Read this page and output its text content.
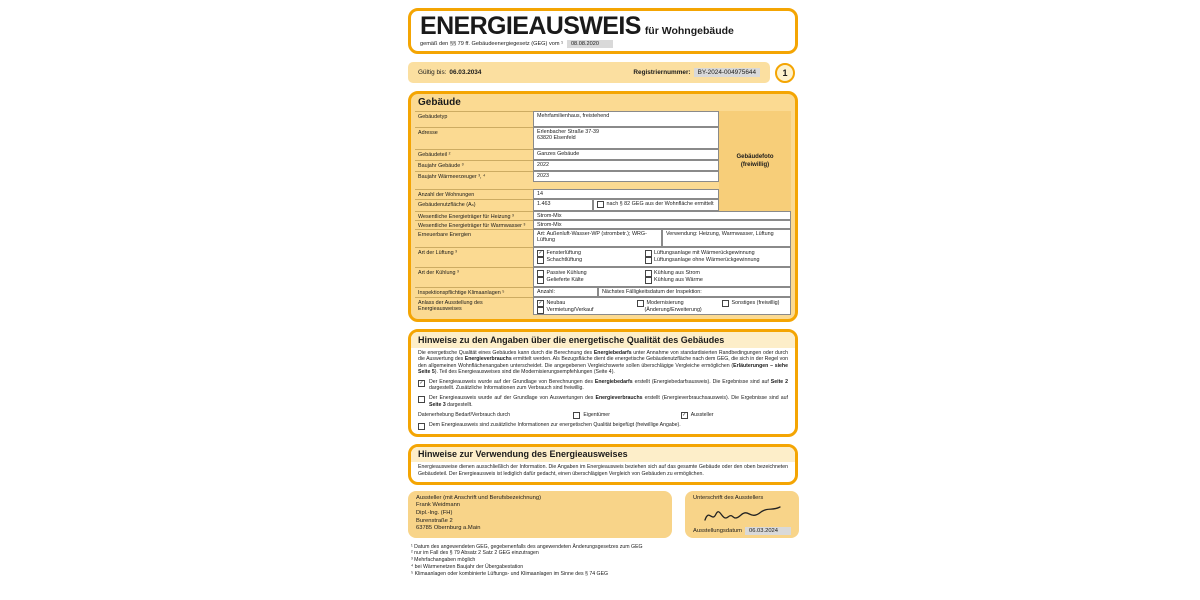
ENERGIEAUSWEIS für Wohngebäude
gemäß den §§ 79 ff. Gebäudeenergiegesetz (GEG) vom ¹	08.08.2020
Gültig bis: 06.03.2034	Registriernummer:	BY-2024-004975644	1
Gebäude
Gebäudefoto
(freiwillig)
Gebäudetyp	Mehrfamilienhaus, freistehend
Adresse	Erlenbacher Straße 37-39
63820 Elsenfeld
Gebäudeteil ²	Ganzes Gebäude
Baujahr Gebäude ³	2022
Baujahr Wärmeerzeuger ³, ⁴	2023
Anzahl der Wohnungen	14
Gebäudenutzfläche (Aₙ)	1.463	nach § 82 GEG aus der Wohnfläche ermittelt
Wesentliche Energieträger für Heizung ³	Strom-Mix
Wesentliche Energieträger für Warmwasser ³	Strom-Mix
Erneuerbare Energien	Art: Außenluft-Wasser-WP (strombetr.); WRG-Lüftung
Verwendung: Heizung, Warmwasser, Lüftung
Art der Lüftung ³	✓ Fensterlüftung
Schachtlüftung
Lüftungsanlage mit Wärmerückgewinnung
Lüftungsanlage ohne Wärmerückgewinnung
Art der Kühlung ³	Passive Kühlung
Gelieferte Kälte
Kühlung aus Strom
Kühlung aus Wärme
Inspektionspflichtige Klimaanlagen ⁵	Anzahl:	Nächstes Fälligkeitsdatum der Inspektion:
Anlass der Ausstellung des
Energieausweises
✓ Neubau
Vermietung/Verkauf
Modernisierung
(Änderung/Erweiterung)
Sonstiges (freiwillig)
Hinweise zu den Angaben über die energetische Qualität des Gebäudes
Die energetische Qualität eines Gebäudes kann durch die Berechnung des Energiebedarfs unter Annahme von standardisierten Randbedingungen oder durch die Auswertung des Energieverbrauchs ermittelt werden. Als Bezugsfläche dient die energetische Gebäudenutzfläche nach dem GEG, die sich in der Regel von den allgemeinen Wohnflächenangaben unterscheidet. Die angegebenen Vergleichswerte sollen überschlägige Vergleiche ermöglichen (Erläuterungen – siehe Seite 5). Teil des Energieausweises sind die Modernisierungsempfehlungen (Seite 4).
✓ Der Energieausweis wurde auf der Grundlage von Berechnungen des Energiebedarfs erstellt (Energiebedarfsausweis). Die Ergebnisse sind auf Seite 2 dargestellt. Zusätzliche Informationen zum Verbrauch sind freiwillig.
Der Energieausweis wurde auf der Grundlage von Auswertungen des Energieverbrauchs erstellt (Energieverbrauchsausweis). Die Ergebnisse sind auf Seite 3 dargestellt.
Datenerhebung Bedarf/Verbrauch durch	Eigentümer	✓ Aussteller
Dem Energieausweis sind zusätzliche Informationen zur energetischen Qualität beigefügt (freiwillige Angabe).
Hinweise zur Verwendung des Energieausweises
Energieausweise dienen ausschließlich der Information. Die Angaben im Energieausweis beziehen sich auf das gesamte Gebäude oder den oben bezeichneten Gebäudeteil. Der Energieausweis ist lediglich dafür gedacht, einen überschlägigen Vergleich von Gebäuden zu ermöglichen.
Aussteller (mit Anschrift und Berufsbezeichnung)
Frank Weidmann
Dipl.-Ing. (FH)
Burenstraße 2
63785 Obernburg a.Main
Unterschrift des Ausstellers
Ausstellungsdatum	06.03.2024
¹ Datum des angewendeten GEG, gegebenenfalls des angewendeten Änderungsgesetzes zum GEG
² nur im Fall des § 79 Absatz 2 Satz 2 GEG einzutragen
³ Mehrfachangaben möglich
⁴ bei Wärmenetzen Baujahr der Übergabestation
⁵ Klimaanlagen oder kombinierte Lüftungs- und Klimaanlagen im Sinne des § 74 GEG
